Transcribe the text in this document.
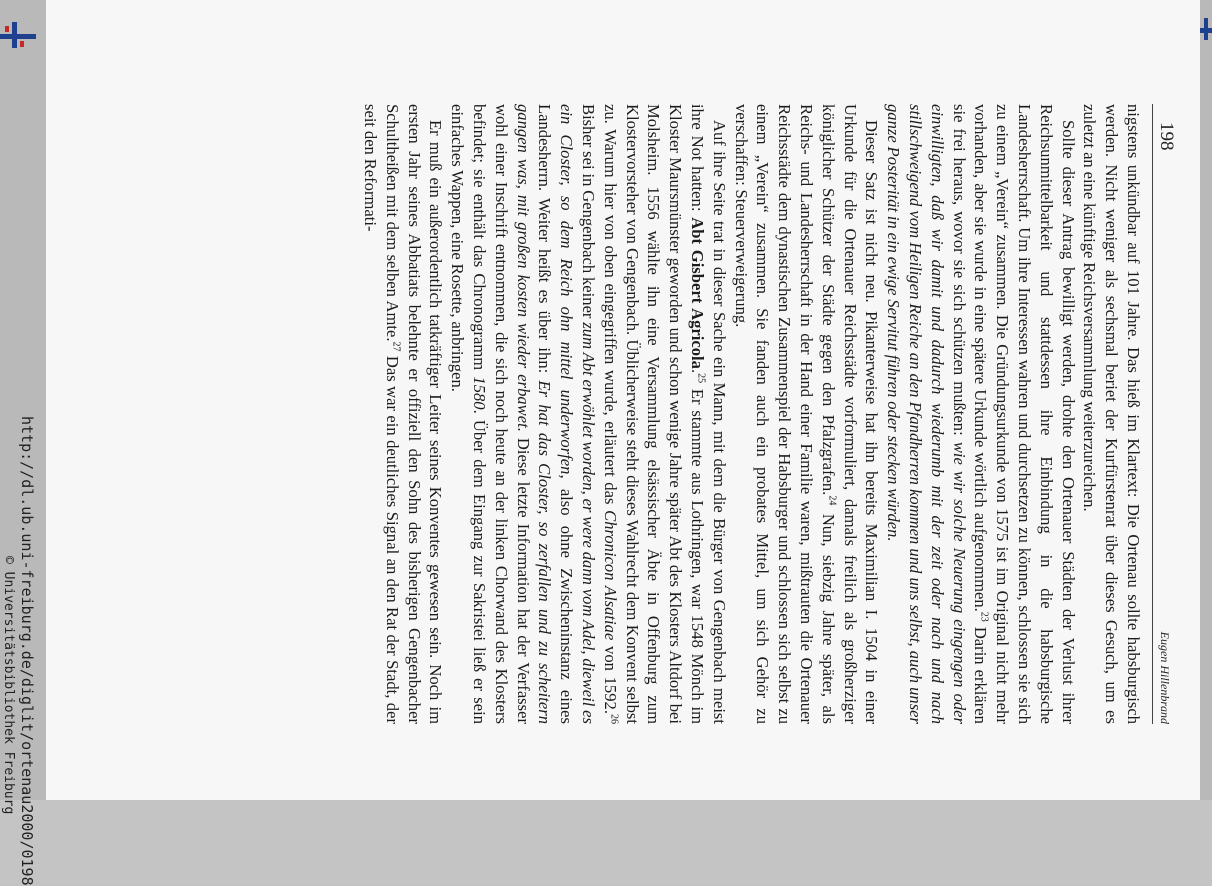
198
Eugen Hillenbrand

nigstens unkündbar auf 101 Jahre. Das hieß im Klartext: Die Ortenau sollte habsburgisch werden. Nicht weniger als sechsmal beriet der Kurfürstenrat über dieses Gesuch, um es zuletzt an eine künftige Reichsversammlung weiterzureichen.

Sollte dieser Antrag bewilligt werden, drohte den Ortenauer Städten der Verlust ihrer Reichsunmittelbarkeit und stattdessen ihre Einbindung in die habsburgische Landesherrschaft. Um ihre Interessen wahren und durchsetzen zu können, schlossen sie sich zu einem „Verein“ zusammen. Die Gründungsurkunde von 1575 ist im Original nicht mehr vorhanden, aber sie wurde in eine spätere Urkunde wörtlich aufgenommen.$^{23}$ Darin erklären sie frei heraus, wovor sie sich schützen mußten: wie wir solche Neuerung eingengen oder einwilligten, daß wir damit und dadurch wiederumb mit der zeit oder nach und nach stillschweigend vom Heiligen Reiche an den Pfandherren kommen und uns selbst, auch unser ganze Posterität in ein ewige Servitut führen oder stecken würden.

Dieser Satz ist nicht neu. Pikanterweise hat ihn bereits Maximilian I. 1504 in einer Urkunde für die Ortenauer Reichsstädte vorformuliert, damals freilich als großherziger königlicher Schützer der Städte gegen den Pfalzgrafen.$^{24}$ Nun, siebzig Jahre später, als Reichs- und Landesherrschaft in der Hand einer Familie waren, mißtrauten die Ortenauer Reichsstädte dem dynastischen Zusammenspiel der Habsburger und schlossen sich selbst zu einem „Verein“ zusammen. Sie fanden auch ein probates Mittel, um sich Gehör zu verschaffen: Steuerverweigerung.

Auf ihre Seite trat in dieser Sache ein Mann, mit dem die Bürger von Gengenbach meist ihre Not hatten: Abt Gisbert Agricola.$^{25}$ Er stammte aus Lothringen, war 1548 Mönch im Kloster Maursmünster geworden und schon wenige Jahre später Abt des Klosters Altdorf bei Molsheim. 1556 wählte ihn eine Versammlung elsässischer Äbte in Offenburg zum Klostervorsteher von Gengenbach. Üblicherweise steht dieses Wahlrecht dem Konvent selbst zu. Warum hier von oben eingegriffen wurde, erläutert das Chronicon Alsatiae von 1592.26 Bisher sei in Gengenbach keiner zum Abt erwöhlet worden, er were dann vom Adel, dieweil es ein Closter, so dem Reich ohn mittel underworfen, also ohne Zwischeninstanz eines Landesherrn. Weiter heißt es über ihn: Er hat das Closter, so zerfallen und zu scheitern gangen was, mit großen kosten wieder erbawet. Diese letzte Information hat der Verfasser wohl einer Inschrift entnommen, die sich noch heute an der linken Chorwand des Klosters befindet; sie enthält das Chronogramm 1580. Über dem Eingang zur Sakristei ließ er sein einfaches Wappen, eine Rosette, anbringen.

Er muß ein außerordentlich tatkräftiger Leiter seines Konventes gewesen sein. Noch im ersten Jahr seines Abbatiats belehnte er offiziell den Sohn des bisherigen Gengenbacher Schultheißen mit dem selben Amte.$^{27}$ Das war ein deutliches Signal an den Rat der Stadt, der seit den Reformati-

http://dl.ub.uni-freiburg.de/diglit/ortenau2000/0198
© Universitätsbibliothek Freiburg
